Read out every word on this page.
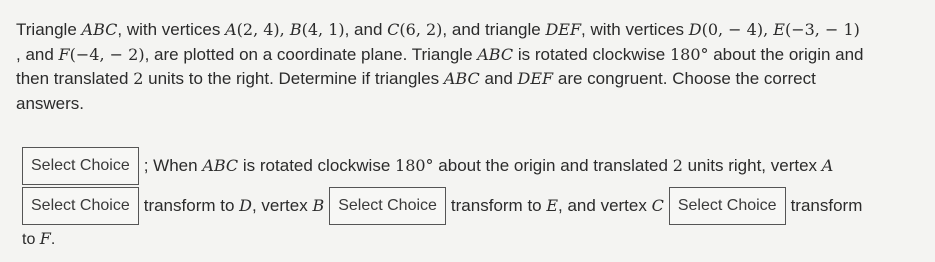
Triangle ABC, with vertices A(2, 4), B(4, 1), and C(6, 2), and triangle DEF, with vertices D(0, − 4), E(−3, − 1)
, and F(−4, − 2), are plotted on a coordinate plane. Triangle ABC is rotated clockwise 180° about the origin and
then translated 2 units to the right. Determine if triangles ABC and DEF are congruent. Choose the correct
answers.
Select Choice ; When ABC is rotated clockwise 180° about the origin and translated 2 units right, vertex A
Select Choice transform to D, vertex B Select Choice transform to E, and vertex C Select Choice transform
to F.
